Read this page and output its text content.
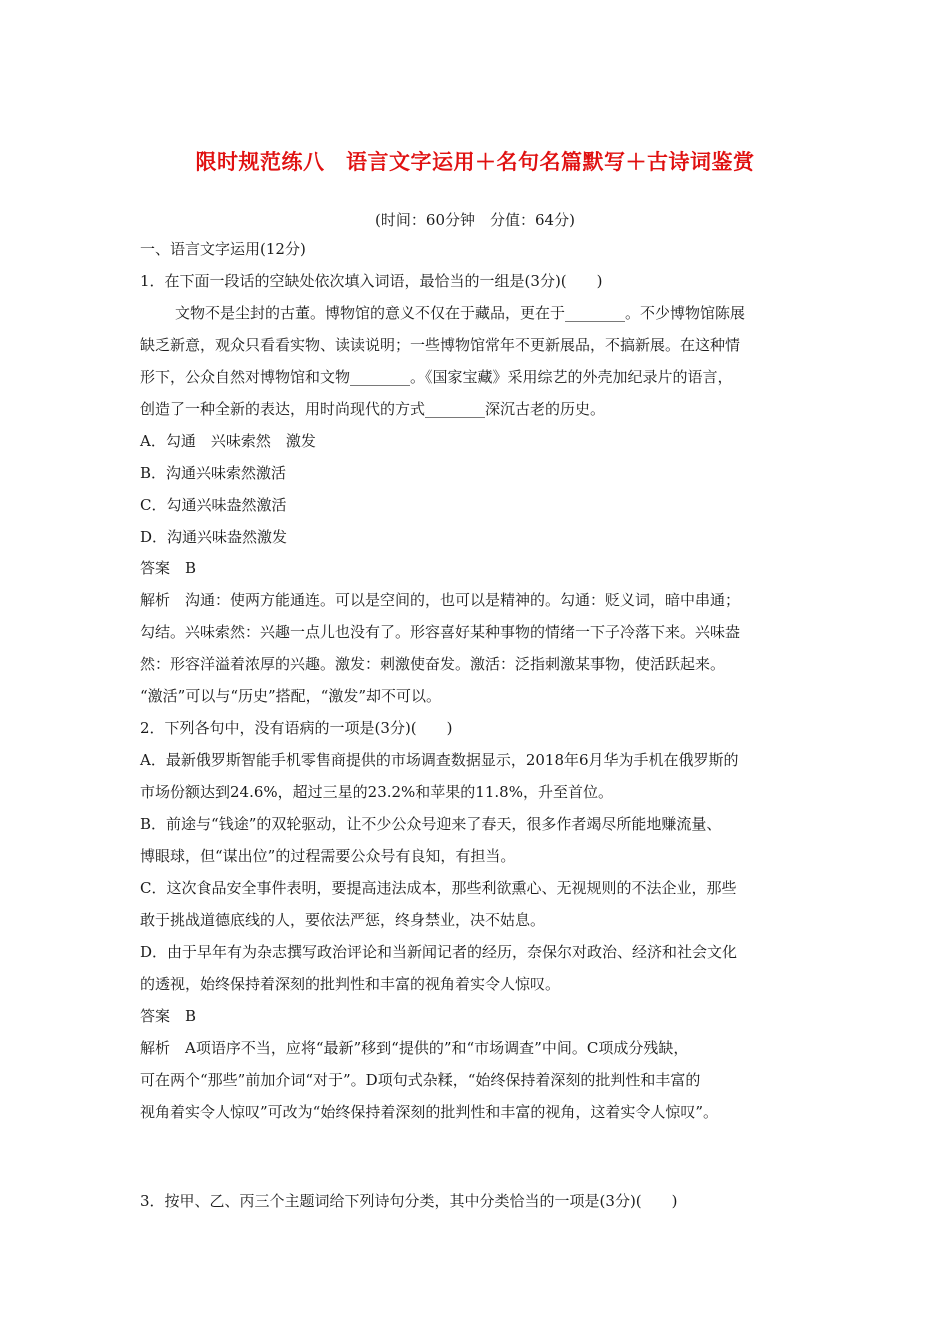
限时规范练八　语言文字运用＋名句名篇默写＋古诗词鉴赏
(时间：60分钟　分值：64分)
一、语言文字运用(12分)
1．在下面一段话的空缺处依次填入词语，最恰当的一组是(3分)(　　)
文物不是尘封的古董。博物馆的意义不仅在于藏品，更在于________。不少博物馆陈展
缺乏新意，观众只看看实物、读读说明；一些博物馆常年不更新展品，不搞新展。在这种情
形下，公众自然对博物馆和文物________。《国家宝藏》采用综艺的外壳加纪录片的语言，
创造了一种全新的表达，用时尚现代的方式________深沉古老的历史。
A．勾通　兴味索然　激发
B．沟通兴味索然激活
C．勾通兴味盎然激活
D．沟通兴味盎然激发
答案　B
解析　沟通：使两方能通连。可以是空间的，也可以是精神的。勾通：贬义词，暗中串通；
勾结。兴味索然：兴趣一点儿也没有了。形容喜好某种事物的情绪一下子冷落下来。兴味盎
然：形容洋溢着浓厚的兴趣。激发：刺激使奋发。激活：泛指刺激某事物，使活跃起来。
“激活”可以与“历史”搭配，“激发”却不可以。
2．下列各句中，没有语病的一项是(3分)(　　)
A．最新俄罗斯智能手机零售商提供的市场调查数据显示，2018年6月华为手机在俄罗斯的
市场份额达到24.6%，超过三星的23.2%和苹果的11.8%，升至首位。
B．前途与“钱途”的双轮驱动，让不少公众号迎来了春天，很多作者竭尽所能地赚流量、
博眼球，但“谋出位”的过程需要公众号有良知，有担当。
C．这次食品安全事件表明，要提高违法成本，那些利欲熏心、无视规则的不法企业，那些
敢于挑战道德底线的人，要依法严惩，终身禁业，决不姑息。
D．由于早年有为杂志撰写政治评论和当新闻记者的经历，奈保尔对政治、经济和社会文化
的透视，始终保持着深刻的批判性和丰富的视角着实令人惊叹。
答案　B
解析　A项语序不当，应将“最新”移到“提供的”和“市场调查”中间。C项成分残缺，
可在两个“那些”前加介词“对于”。D项句式杂糅，“始终保持着深刻的批判性和丰富的
视角着实令人惊叹”可改为“始终保持着深刻的批判性和丰富的视角，这着实令人惊叹”。
3．按甲、乙、丙三个主题词给下列诗句分类，其中分类恰当的一项是(3分)(　　)
